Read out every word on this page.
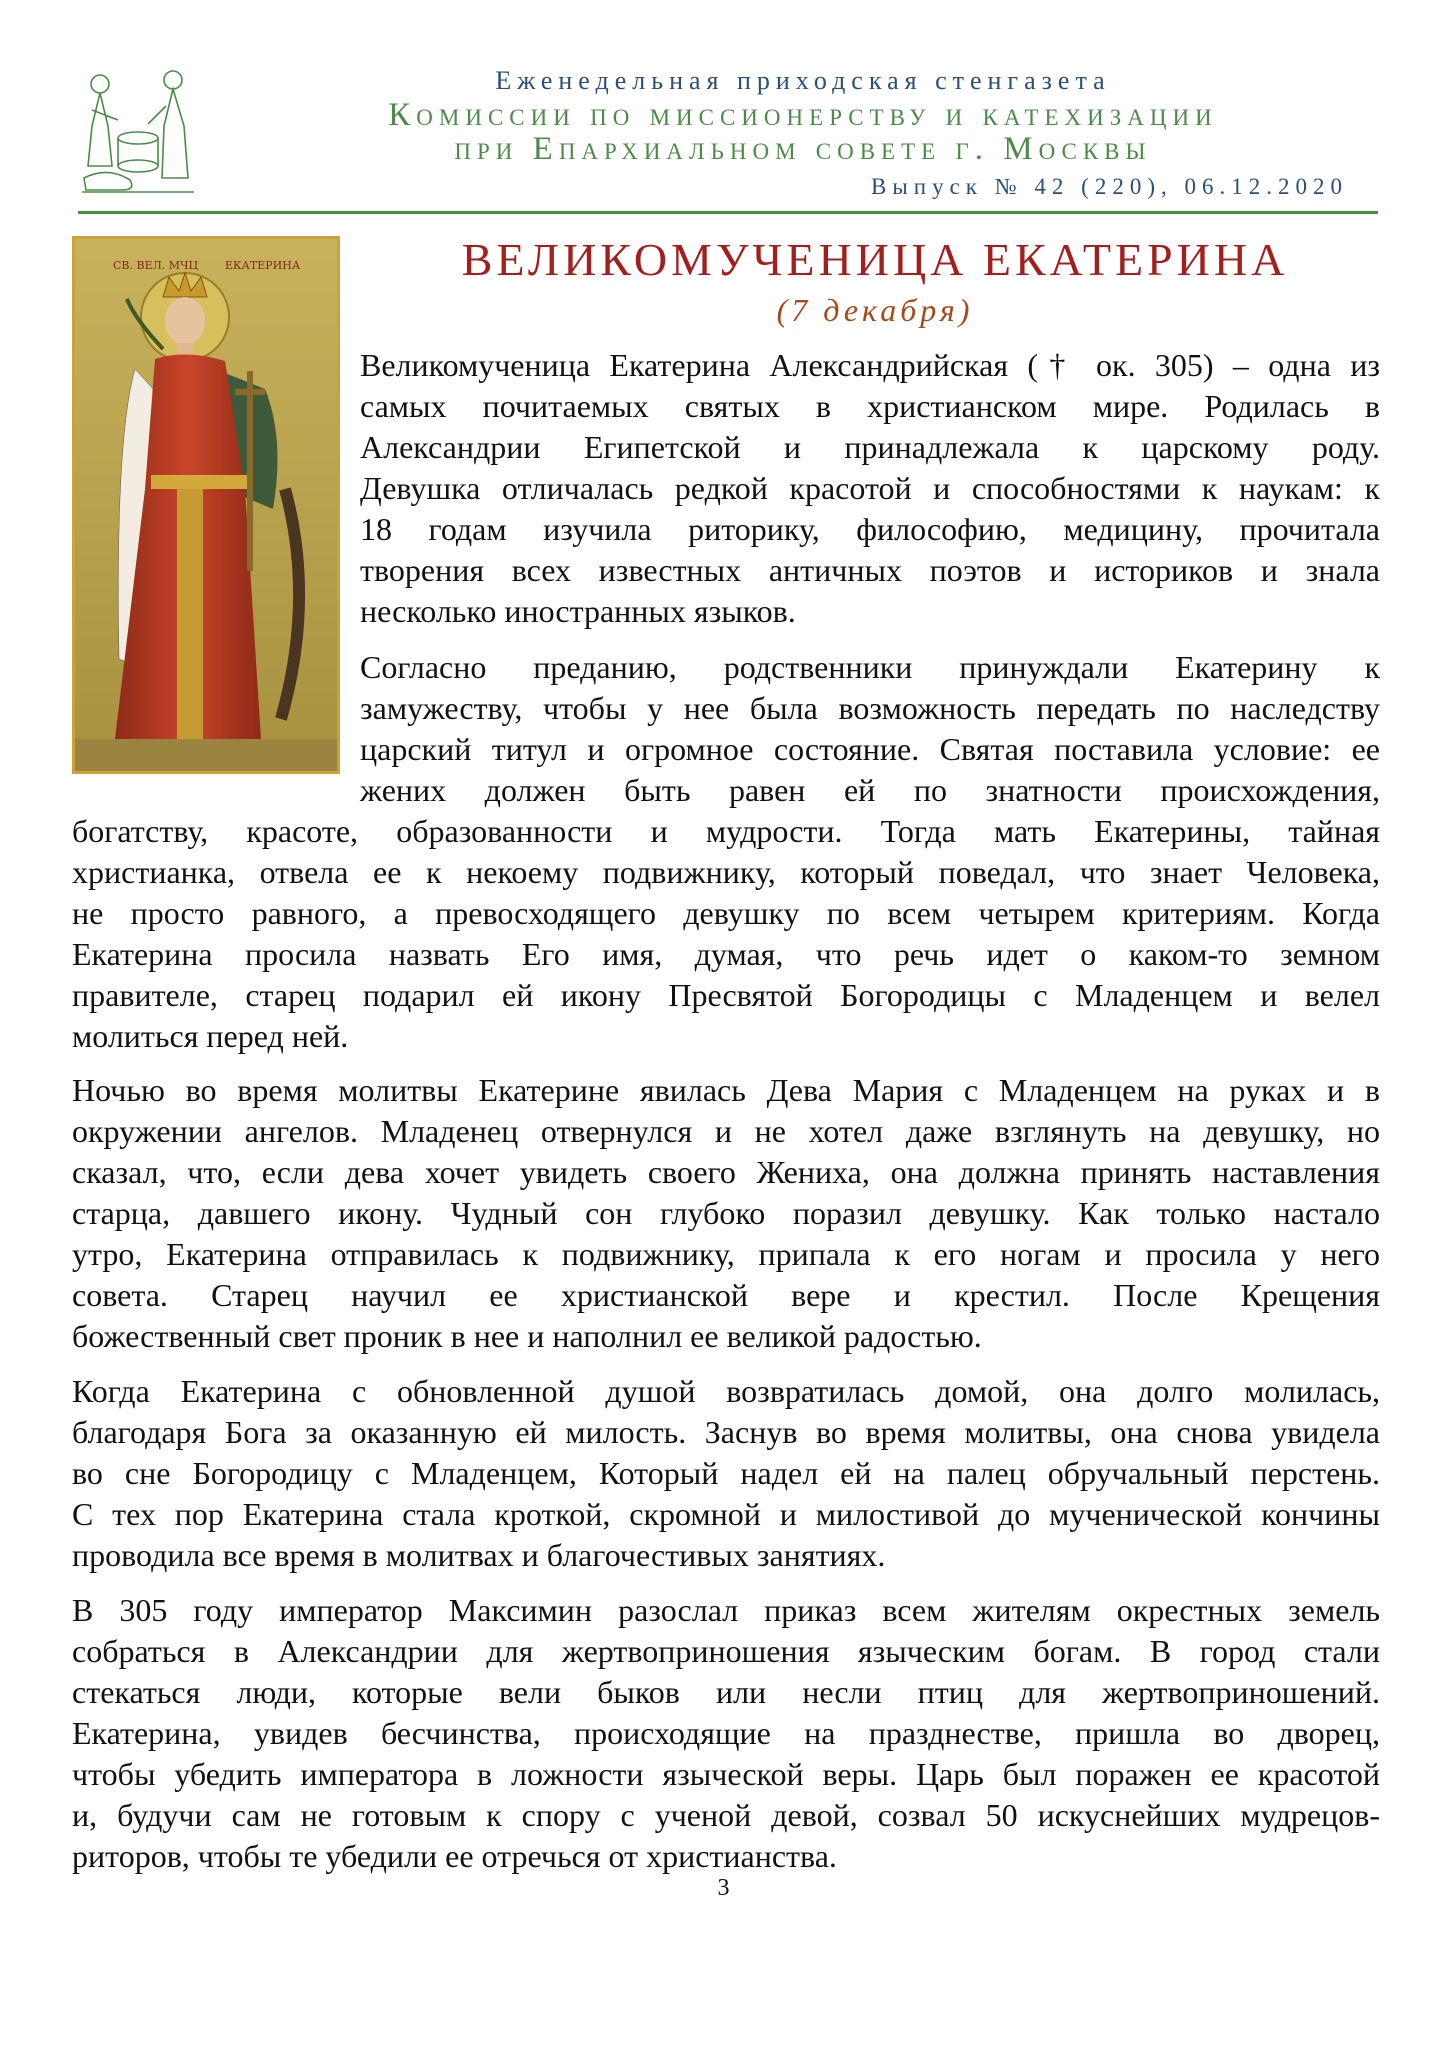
Еженедельная приходская стенгазета
Комиссии по миссионерству и катехизации
при Епархиальном совете г. Москвы
Выпуск № 42 (220), 06.12.2020
СВ. ВЕЛ. МЧЦ ЕКАТЕРИНА	ВЕЛИКОМУЧЕНИЦА ЕКАТЕРИНА
(7 декабря)

Великомученица Екатерина Александрийская († ок. 305) – одна из
самых почитаемых святых в христианском мире. Родилась в
Александрии Египетской и принадлежала к царскому роду.
Девушка отличалась редкой красотой и способностями к наукам: к
18 годам изучила риторику, философию, медицину, прочитала
творения всех известных античных поэтов и историков и знала
несколько иностранных языков.

Согласно преданию, родственники принуждали Екатерину к
замужеству, чтобы у нее была возможность передать по наследству
царский титул и огромное состояние. Святая поставила условие: ее
жених должен быть равен ей по знатности происхождения,

богатству, красоте, образованности и мудрости. Тогда мать Екатерины, тайная
христианка, отвела ее к некоему подвижнику, который поведал, что знает Человека,
не просто равного, а превосходящего девушку по всем четырем критериям. Когда
Екатерина просила назвать Его имя, думая, что речь идет о каком-то земном
правителе, старец подарил ей икону Пресвятой Богородицы с Младенцем и велел
молиться перед ней.

Ночью во время молитвы Екатерине явилась Дева Мария с Младенцем на руках и в
окружении ангелов. Младенец отвернулся и не хотел даже взглянуть на девушку, но
сказал, что, если дева хочет увидеть своего Жениха, она должна принять наставления
старца, давшего икону. Чудный сон глубоко поразил девушку. Как только настало
утро, Екатерина отправилась к подвижнику, припала к его ногам и просила у него
совета. Старец научил ее христианской вере и крестил. После Крещения
божественный свет проник в нее и наполнил ее великой радостью.

Когда Екатерина с обновленной душой возвратилась домой, она долго молилась,
благодаря Бога за оказанную ей милость. Заснув во время молитвы, она снова увидела
во сне Богородицу с Младенцем, Который надел ей на палец обручальный перстень.
С тех пор Екатерина стала кроткой, скромной и милостивой до мученической кончины
проводила все время в молитвах и благочестивых занятиях.

В 305 году император Максимин разослал приказ всем жителям окрестных земель
собраться в Александрии для жертвоприношения языческим богам. В город стали
стекаться люди, которые вели быков или несли птиц для жертвоприношений.
Екатерина, увидев бесчинства, происходящие на празднестве, пришла во дворец,
чтобы убедить императора в ложности языческой веры. Царь был поражен ее красотой
и, будучи сам не готовым к спору с ученой девой, созвал 50 искуснейших мудрецов-
риторов, чтобы те убедили ее отречься от христианства.

3
